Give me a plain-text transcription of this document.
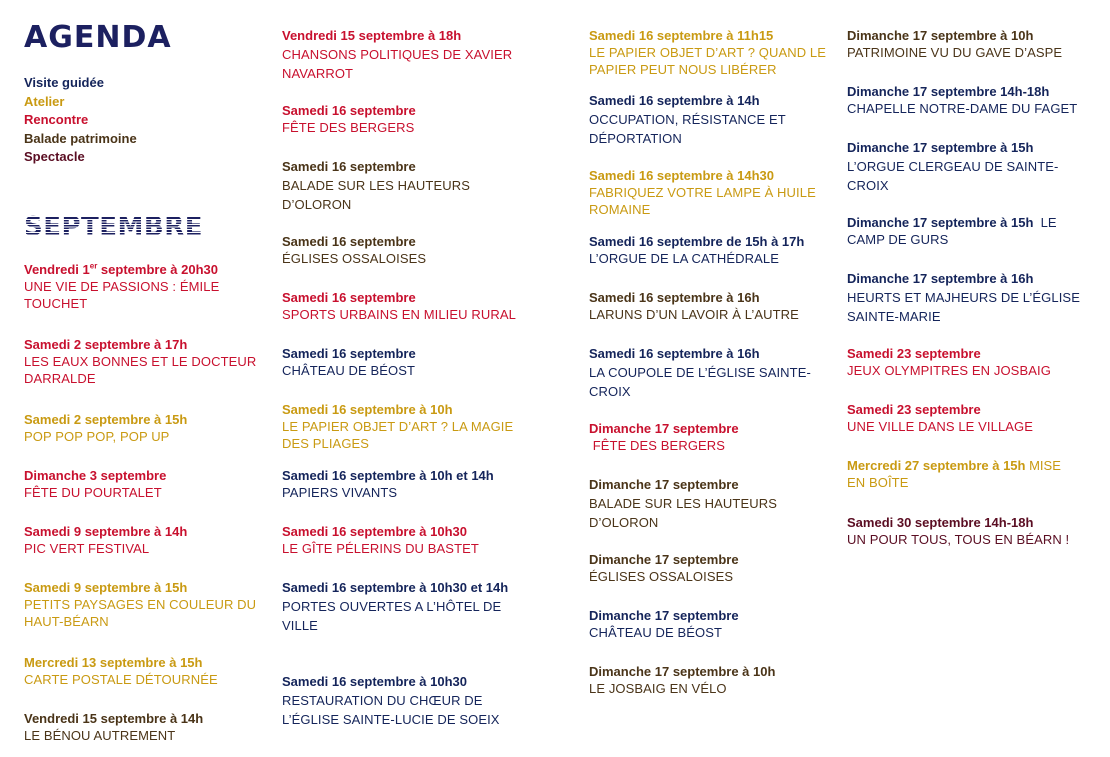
AGENDA
Visite guidée
Atelier
Rencontre
Balade patrimoine
Spectacle
SEPTEMBRE
Vendredi 1er septembre à 20h30
UNE VIE DE PASSIONS : ÉMILE TOUCHET
Samedi 2 septembre à 17h
LES EAUX BONNES ET LE DOCTEUR DARRALDE
Samedi 2 septembre à 15h
POP POP POP, POP UP
Dimanche 3 septembre
FÊTE DU POURTALET
Samedi 9 septembre à 14h
PIC VERT FESTIVAL
Samedi 9 septembre à 15h
PETITS PAYSAGES EN COULEUR DU HAUT-BÉARN
Mercredi 13 septembre à 15h
CARTE POSTALE DÉTOURNÉE
Vendredi 15 septembre à 14h
LE BÉNOU AUTREMENT
Vendredi 15 septembre à 18h
CHANSONS POLITIQUES DE XAVIER NAVARROT
Samedi 16 septembre
FÊTE DES BERGERS
Samedi 16 septembre
BALADE SUR LES HAUTEURS D’OLORON
Samedi 16 septembre
ÉGLISES OSSALOISES
Samedi 16 septembre
SPORTS URBAINS EN MILIEU RURAL
Samedi 16 septembre
CHÂTEAU DE BÉOST
Samedi 16 septembre à 10h
LE PAPIER OBJET D’ART ? LA MAGIE DES PLIAGES
Samedi 16 septembre à 10h et 14h
PAPIERS VIVANTS
Samedi 16 septembre à 10h30
LE GÎTE PÉLERINS DU BASTET
Samedi 16 septembre à 10h30 et 14h
PORTES OUVERTES A L’HÔTEL DE VILLE
Samedi 16 septembre à 10h30
RESTAURATION DU CHŒUR DE L’ÉGLISE SAINTE-LUCIE DE SOEIX
Samedi 16 septembre à 11h15
LE PAPIER OBJET D’ART ? QUAND LE PAPIER PEUT NOUS LIBÉRER
Samedi 16 septembre à 14h
OCCUPATION, RÉSISTANCE ET DÉPORTATION
Samedi 16 septembre à 14h30
FABRIQUEZ VOTRE LAMPE À HUILE ROMAINE
Samedi 16 septembre de 15h à 17h
L’ORGUE DE LA CATHÉDRALE
Samedi 16 septembre à 16h
LARUNS D’UN LAVOIR À L’AUTRE
Samedi 16 septembre à 16h
LA COUPOLE DE L’ÉGLISE SAINTE-CROIX
Dimanche 17 septembre
FÊTE DES BERGERS
Dimanche 17 septembre
BALADE SUR LES HAUTEURS D’OLORON
Dimanche 17 septembre
ÉGLISES OSSALOISES
Dimanche 17 septembre
CHÂTEAU DE BÉOST
Dimanche 17 septembre à 10h
LE JOSBAIG EN VÉLO
Dimanche 17 septembre à 10h
PATRIMOINE VU DU GAVE D’ASPE
Dimanche 17 septembre 14h-18h
CHAPELLE NOTRE-DAME DU FAGET
Dimanche 17 septembre à 15h
L’ORGUE CLERGEAU DE SAINTE-CROIX
Dimanche 17 septembre à 15h  LE
CAMP DE GURS
Dimanche 17 septembre à 16h
HEURTS ET MAJHEURS DE L’ÉGLISE SAINTE-MARIE
Samedi 23 septembre
JEUX OLYMPITRES EN JOSBAIG
Samedi 23 septembre
UNE VILLE DANS LE VILLAGE
Mercredi 27 septembre à 15h MISE
EN BOÎTE
Samedi 30 septembre 14h-18h
UN POUR TOUS, TOUS EN BÉARN !
